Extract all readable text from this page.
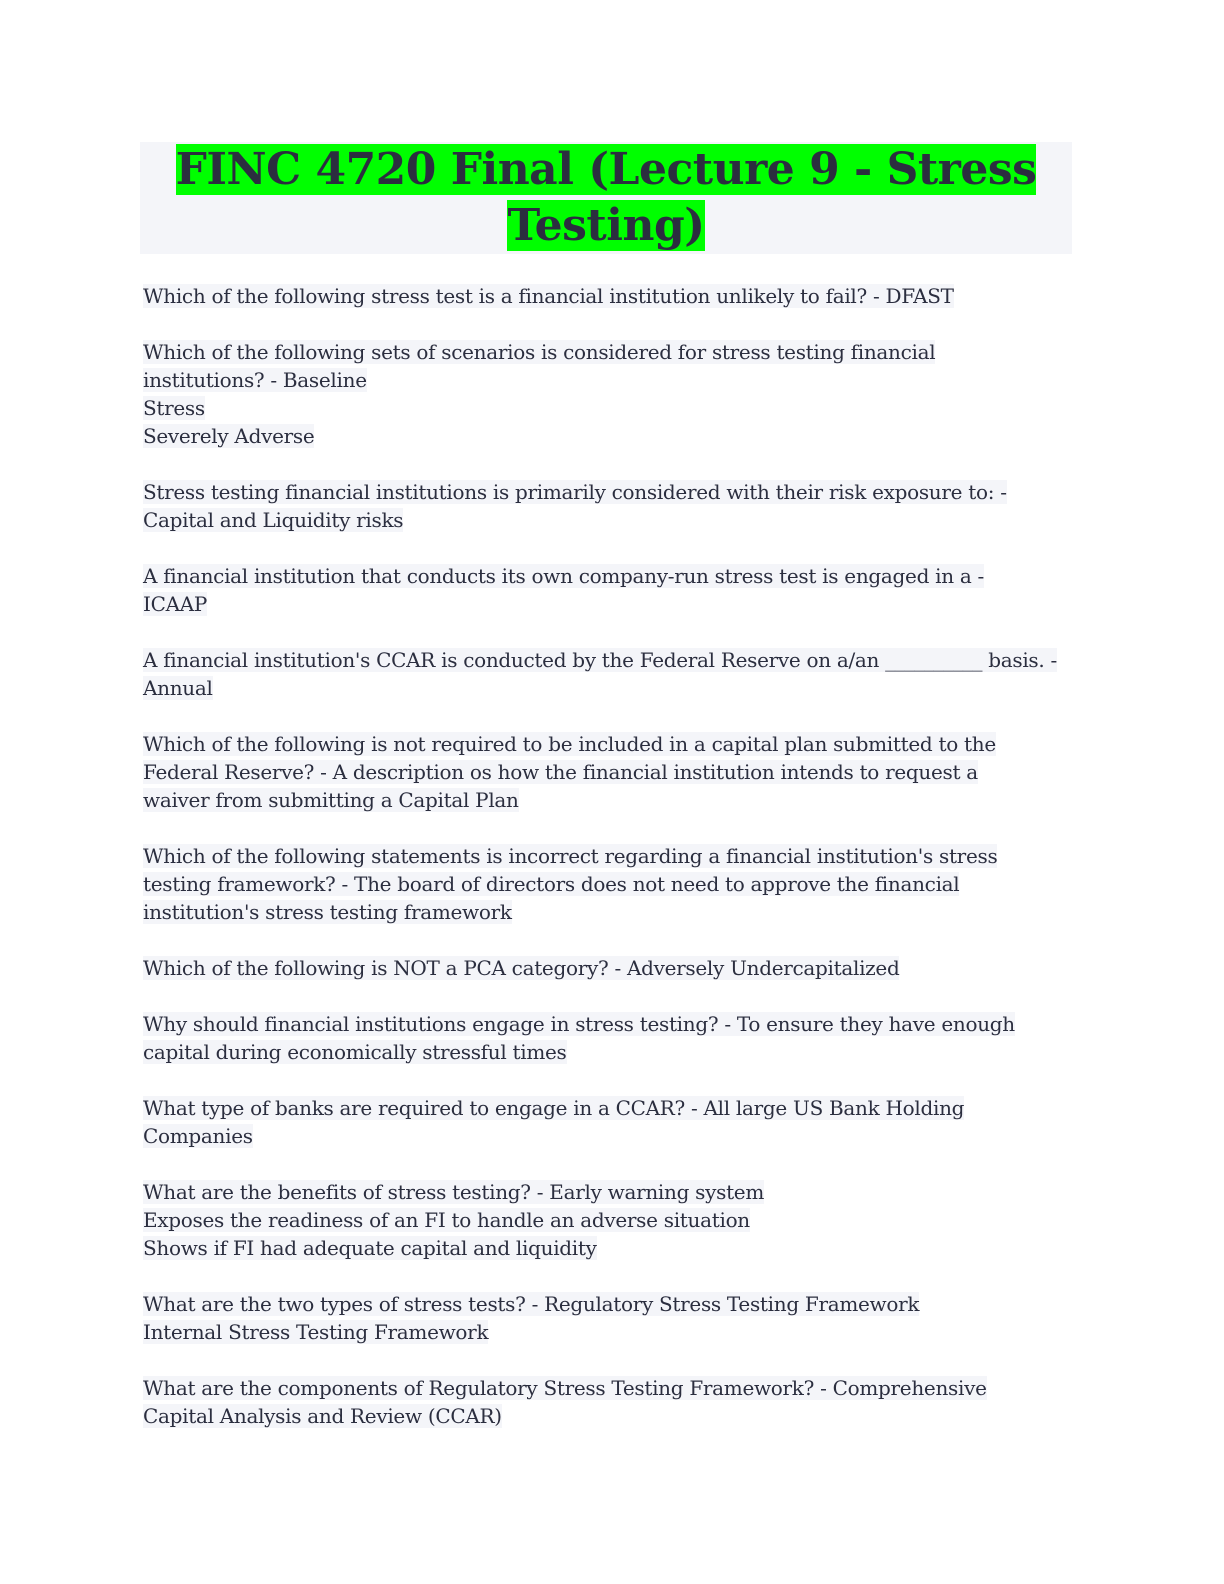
FINC 4720 Final (Lecture 9 - Stress Testing)
Which of the following stress test is a financial institution unlikely to fail? - DFAST
Which of the following sets of scenarios is considered for stress testing financial
institutions? - Baseline
Stress
Severely Adverse
Stress testing financial institutions is primarily considered with their risk exposure to: -
Capital and Liquidity risks
A financial institution that conducts its own company-run stress test is engaged in a -
ICAAP
A financial institution's CCAR is conducted by the Federal Reserve on a/an __________ basis. -
Annual
Which of the following is not required to be included in a capital plan submitted to the
Federal Reserve? - A description os how the financial institution intends to request a
waiver from submitting a Capital Plan
Which of the following statements is incorrect regarding a financial institution's stress
testing framework? - The board of directors does not need to approve the financial
institution's stress testing framework
Which of the following is NOT a PCA category? - Adversely Undercapitalized
Why should financial institutions engage in stress testing? - To ensure they have enough
capital during economically stressful times
What type of banks are required to engage in a CCAR? - All large US Bank Holding
Companies
What are the benefits of stress testing? - Early warning system
Exposes the readiness of an FI to handle an adverse situation
Shows if FI had adequate capital and liquidity
What are the two types of stress tests? - Regulatory Stress Testing Framework
Internal Stress Testing Framework
What are the components of Regulatory Stress Testing Framework? - Comprehensive
Capital Analysis and Review (CCAR)
